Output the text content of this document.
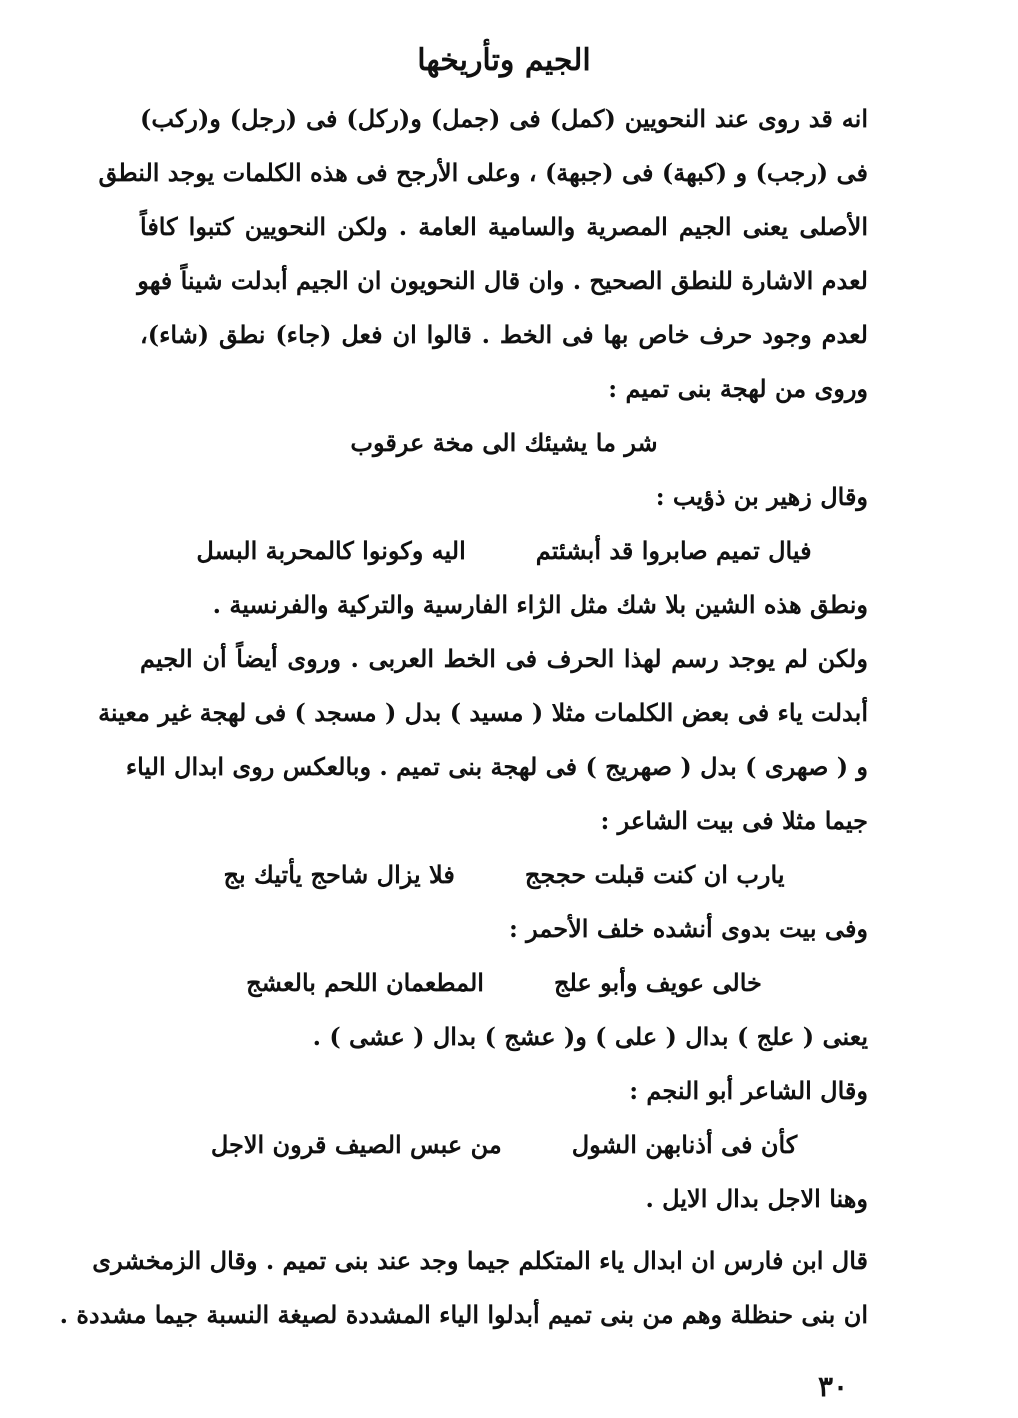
الجيم وتأريخها
انه قد روى عند النحويين (كمل) فى (جمل) و(ركل) فى (رجل) و(ركب)
فى (رجب) و (كبهة) فى (جبهة) ، وعلى الأرجح فى هذه الكلمات يوجد النطق
الأصلى يعنى الجيم المصرية والسامية العامة . ولكن النحويين كتبوا كافاً
لعدم الاشارة للنطق الصحيح . وان قال النحويون ان الجيم أبدلت شيناً فهو
لعدم وجود حرف خاص بها فى الخط . قالوا ان فعل (جاء) نطق (شاء)،
وروى من لهجة بنى تميم :
شر ما يشيئك الى مخة عرقوب
وقال زهير بن ذؤيب :
فيال تميم صابروا قد أبشئتم
اليه وكونوا كالمحربة البسل
ونطق هذه الشين بلا شك مثل الژاء الفارسية والتركية والفرنسية .
ولكن لم يوجد رسم لهذا الحرف فى الخط العربى . وروى أيضاً أن الجيم
أبدلت ياء فى بعض الكلمات مثلا ( مسيد ) بدل ( مسجد ) فى لهجة غير معينة
و ( صهرى ) بدل ( صهريج ) فى لهجة بنى تميم . وبالعكس روى ابدال الياء
جيما مثلا فى بيت الشاعر :
يارب ان كنت قبلت حججج
فلا يزال شاحج يأتيك بج
وفى بيت بدوى أنشده خلف الأحمر :
خالى عويف وأبو علج
المطعمان اللحم بالعشج
يعنى ( علج ) بدال ( على ) و( عشج ) بدال ( عشى ) .
وقال الشاعر أبو النجم :
كأن فى أذنابهن الشول
من عبس الصيف قرون الاجل
وهنا الاجل بدال الايل .
قال ابن فارس ان ابدال ياء المتكلم جيما وجد عند بنى تميم . وقال الزمخشرى
ان بنى حنظلة وهم من بنى تميم أبدلوا الياء المشددة لصيغة النسبة جيما مشددة .
٣٠
